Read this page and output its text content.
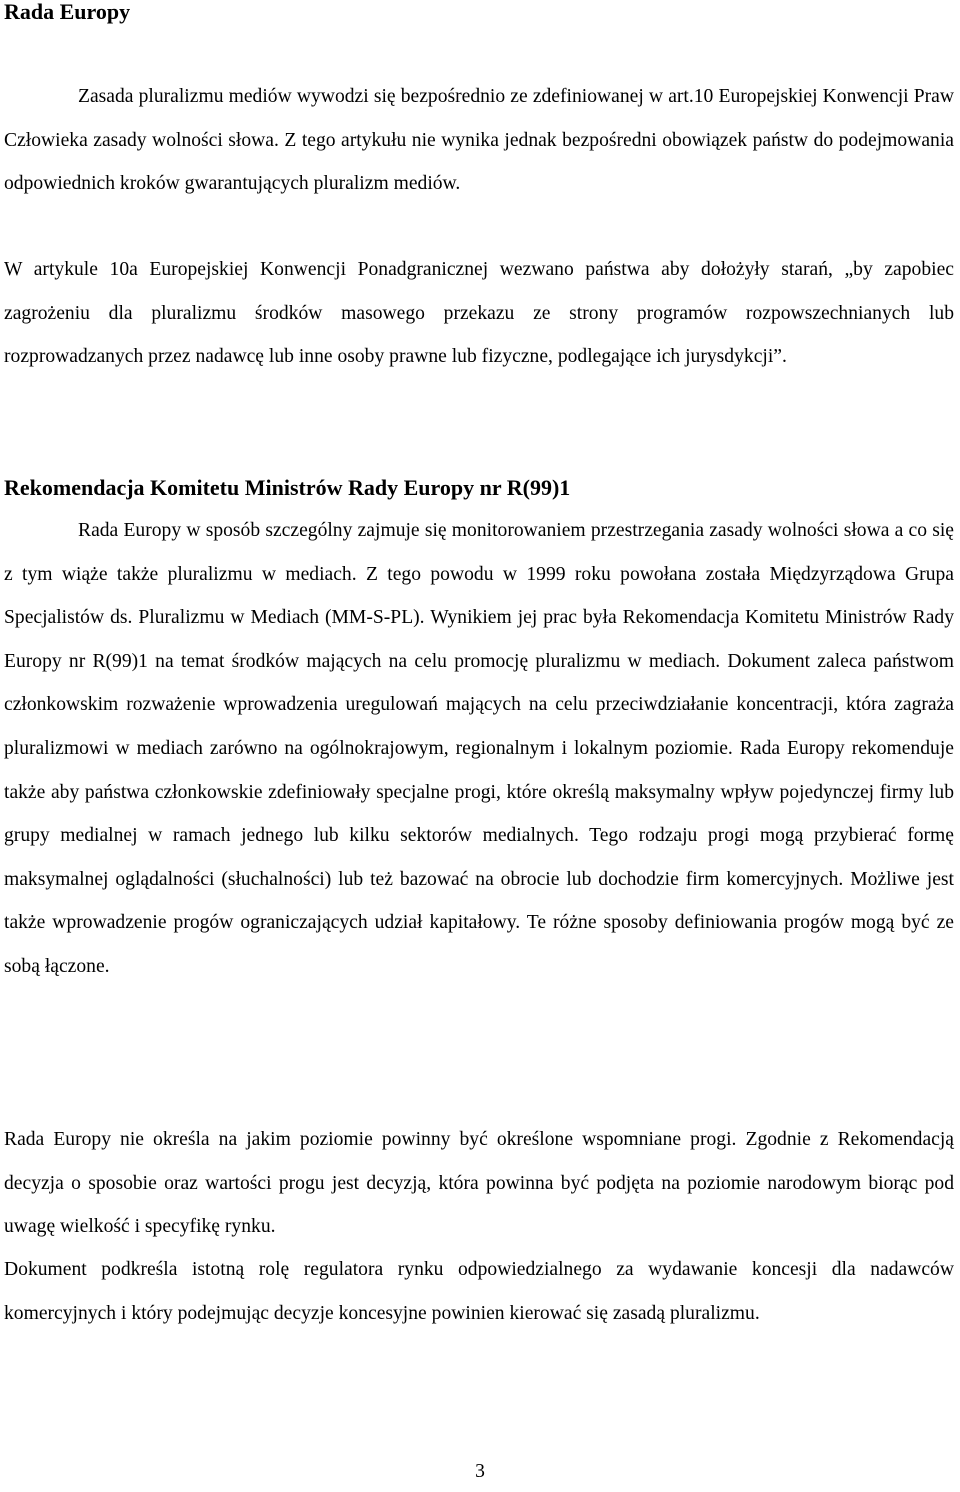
Rada Europy

Zasada pluralizmu mediów wywodzi się bezpośrednio ze zdefiniowanej w art.10 Europejskiej Konwencji Praw Człowieka zasady wolności słowa. Z tego artykułu nie wynika jednak bezpośredni obowiązek państw do podejmowania odpowiednich kroków gwarantujących pluralizm mediów.

W artykule 10a Europejskiej Konwencji Ponadgranicznej wezwano państwa aby dołożyły starań, „by zapobiec zagrożeniu dla pluralizmu środków masowego przekazu ze strony programów rozpowszechnianych lub rozprowadzanych przez nadawcę lub inne osoby prawne lub fizyczne, podlegające ich jurysdykcji”.

Rekomendacja Komitetu Ministrów Rady Europy nr R(99)1

Rada Europy w sposób szczególny zajmuje się monitorowaniem przestrzegania zasady wolności słowa a co się z tym wiąże także pluralizmu w mediach. Z tego powodu w 1999 roku powołana została Międzyrządowa Grupa Specjalistów ds. Pluralizmu w Mediach (MM-S-PL). Wynikiem jej prac była Rekomendacja Komitetu Ministrów Rady Europy nr R(99)1 na temat środków mających na celu promocję pluralizmu w mediach. Dokument zaleca państwom członkowskim rozważenie wprowadzenia uregulowań mających na celu przeciwdziałanie koncentracji, która zagraża pluralizmowi w mediach zarówno na ogólnokrajowym, regionalnym i lokalnym poziomie. Rada Europy rekomenduje także aby państwa członkowskie zdefiniowały specjalne progi, które określą maksymalny wpływ pojedynczej firmy lub grupy medialnej w ramach jednego lub kilku sektorów medialnych. Tego rodzaju progi mogą przybierać formę maksymalnej oglądalności (słuchalności) lub też bazować na obrocie lub dochodzie firm komercyjnych. Możliwe jest także wprowadzenie progów ograniczających udział kapitałowy. Te różne sposoby definiowania progów mogą być ze sobą łączone.

Rada Europy nie określa na jakim poziomie powinny być określone wspomniane progi. Zgodnie z Rekomendacją decyzja o sposobie oraz wartości progu jest decyzją, która powinna być podjęta na poziomie narodowym biorąc pod uwagę wielkość i specyfikę rynku.

Dokument podkreśla istotną rolę regulatora rynku odpowiedzialnego za wydawanie koncesji dla nadawców komercyjnych i który podejmując decyzje koncesyjne powinien kierować się zasadą pluralizmu.

3
